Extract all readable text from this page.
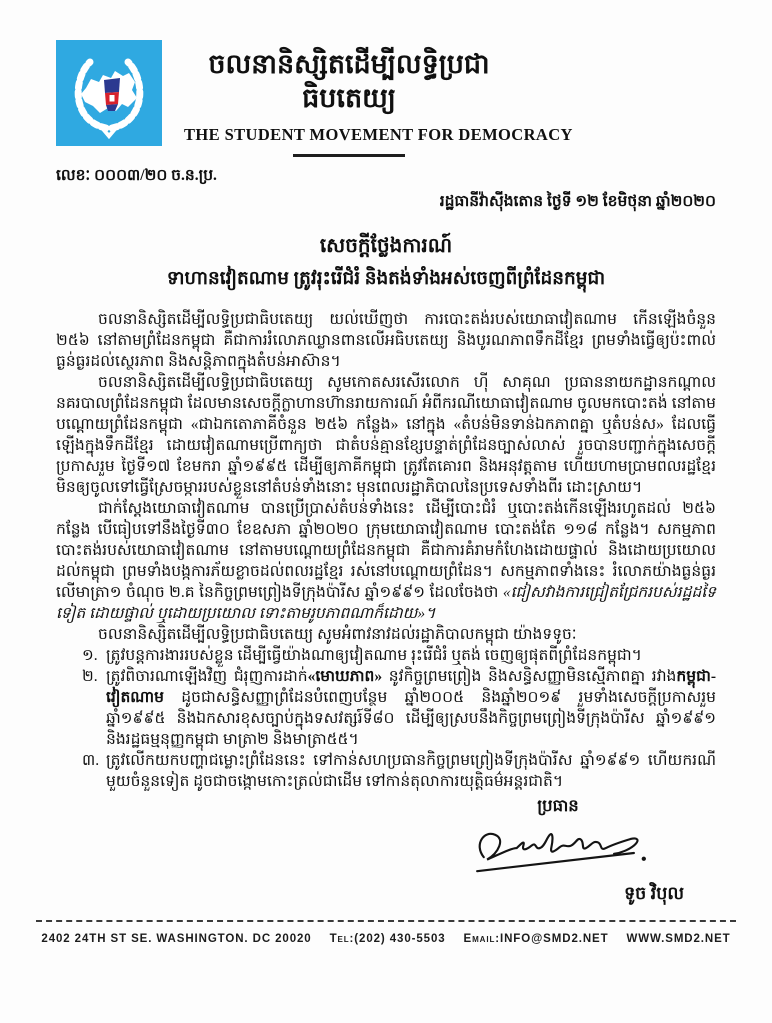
ចលនានិស្សិតដើម្បីលទ្ធិប្រជាធិបតេយ្យ
THE STUDENT MOVEMENT FOR DEMOCRACY
លេខៈ ០០០៣/២០ ច.ន.ប្រ.
រដ្ឋធានីវ៉ាស៊ីងតោន ថ្ងៃទី ១២ ខែមិថុនា ឆ្នាំ២០២០
សេចក្ដីថ្លែងការណ៍
ទាហានវៀតណាម ត្រូវរុះរើជំរំ និងតង់ទាំងអស់ចេញពីព្រំដែនកម្ពុជា

ចលនានិស្សិតដើម្បីលទ្ធិប្រជាធិបតេយ្យ យល់ឃើញថា ការបោះតង់របស់យោធាវៀតណាម កើនឡើងចំនួន ២៥៦ នៅតាមព្រំដែនកម្ពុជា គឺជាការរំលោភឈ្លានពានលើអធិបតេយ្យ និងបូរណភាពទឹកដីខ្មែរ ព្រមទាំងធ្វើឲ្យប៉ះពាល់ធ្ងន់ធ្ងរដល់ស្ថេរភាព និងសន្តិភាពក្នុងតំបន់អាស៊ាន។

ចលនានិស្សិតដើម្បីលទ្ធិប្រជាធិបតេយ្យ សូមកោតសរសើរលោក ហ៊ី សាគុណ ប្រធាននាយកដ្ឋានកណ្ដាលនគរបាលព្រំដែនកម្ពុជា ដែលមានសេចក្ដីក្លាហានហ៊ានរាយការណ៍ អំពីករណីយោធាវៀតណាម ចូលមកបោះតង់ នៅតាមបណ្ដោយព្រំដែនកម្ពុជា «ជាឯកតោភាគីចំនួន ២៥៦ កន្លែង» នៅក្នុង «តំបន់មិនទាន់ឯកភាពគ្នា ឬតំបន់ស» ដែលធ្វើឡើងក្នុងទឹកដីខ្មែរ ដោយវៀតណាមប្រើពាក្យថា ជាតំបន់គ្មានខ្សែបន្ទាត់ព្រំដែនច្បាស់លាស់ រួចបានបញ្ជាក់ក្នុងសេចក្ដីប្រកាសរួម ថ្ងៃទី១៧ ខែមករា ឆ្នាំ១៩៩៥ ដើម្បីឲ្យភាគីកម្ពុជា ត្រូវតែគោរព និងអនុវត្តតាម ហើយហាមប្រាមពលរដ្ឋខ្មែរ មិនឲ្យចូលទៅធ្វើស្រែចម្ការរបស់ខ្លួននៅតំបន់ទាំងនោះ មុនពេលរដ្ឋាភិបាលនៃប្រទេសទាំងពីរ ដោះស្រាយ។

ជាក់ស្ដែងយោធាវៀតណាម បានប្រើប្រាស់តំបន់ទាំងនេះ ដើម្បីបោះជំរំ ឬបោះតង់កើនឡើងរហូតដល់ ២៥៦ កន្លែង បើធៀបទៅនឹងថ្ងៃទី៣០ ខែឧសភា ឆ្នាំ២០២០ ក្រុមយោធាវៀតណាម បោះតង់តែ ១១៨ កន្លែង។ សកម្មភាពបោះតង់របស់យោធាវៀតណាម នៅតាមបណ្ដោយព្រំដែនកម្ពុជា គឺជាការគំរាមកំហែងដោយផ្ទាល់ និងដោយប្រយោលដល់កម្ពុជា ព្រមទាំងបង្កការភ័យខ្លាចដល់ពលរដ្ឋខ្មែរ រស់នៅបណ្ដោយព្រំដែន។ សកម្មភាពទាំងនេះ រំលោភយ៉ាងធ្ងន់ធ្ងរ លើមាត្រា១ ចំណុច ២.គ នៃកិច្ចព្រមព្រៀងទីក្រុងប៉ារីស ឆ្នាំ១៩៩១ ដែលចែងថា «ជៀសវាងការជ្រៀតជ្រែករបស់រដ្ឋដទៃទៀត ដោយផ្ទាល់ ឬដោយប្រយោល ទោះតាមរូបភាពណាក៏ដោយ»។

ចលនានិស្សិតដើម្បីលទ្ធិប្រជាធិបតេយ្យ សូមអំពាវនាវដល់រដ្ឋាភិបាលកម្ពុជា យ៉ាងទទូចៈ

១. ត្រូវបន្តការងាររបស់ខ្លួន ដើម្បីធ្វើយ៉ាងណាឲ្យវៀតណាម រុះរើជំរំ ឬតង់ ចេញឲ្យផុតពីព្រំដែនកម្ពុជា។
២. ត្រូវពិចារណាឡើងវិញ ជំរុញការដាក់«មោឃភាព» នូវកិច្ចព្រមព្រៀង និងសន្ធិសញ្ញាមិនស្មើភាពគ្នា រវាងកម្ពុជា-វៀតណាម ដូចជាសន្ធិសញ្ញាព្រំដែនបំពេញបន្ថែម ឆ្នាំ២០០៥ និងឆ្នាំ២០១៩ រួមទាំងសេចក្ដីប្រកាសរួម ឆ្នាំ១៩៩៥ និងឯកសារខុសច្បាប់ក្នុងទសវត្សរ៍ទី៨០ ដើម្បីឲ្យស្របនឹងកិច្ចព្រមព្រៀងទីក្រុងប៉ារីស ឆ្នាំ១៩៩១ និងរដ្ឋធម្មនុញ្ញកម្ពុជា មាត្រា២ និងមាត្រា៥៥។
៣. ត្រូវលើកយកបញ្ហាជម្លោះព្រំដែននេះ ទៅកាន់សហប្រធានកិច្ចព្រមព្រៀងទីក្រុងប៉ារីស ឆ្នាំ១៩៩១ ហើយករណីមួយចំនួនទៀត ដូចជាចង្កោមកោះត្រល់ជាដើម ទៅកាន់តុលាការយុត្តិធម៌អន្តរជាតិ។
ប្រធាន
ទូច វិបុល
2402 24TH ST SE. WASHINGTON. DC 20020 Tel: (202) 430-5503 Email: INFO@SMD2.NET WWW.SMD2.NET
